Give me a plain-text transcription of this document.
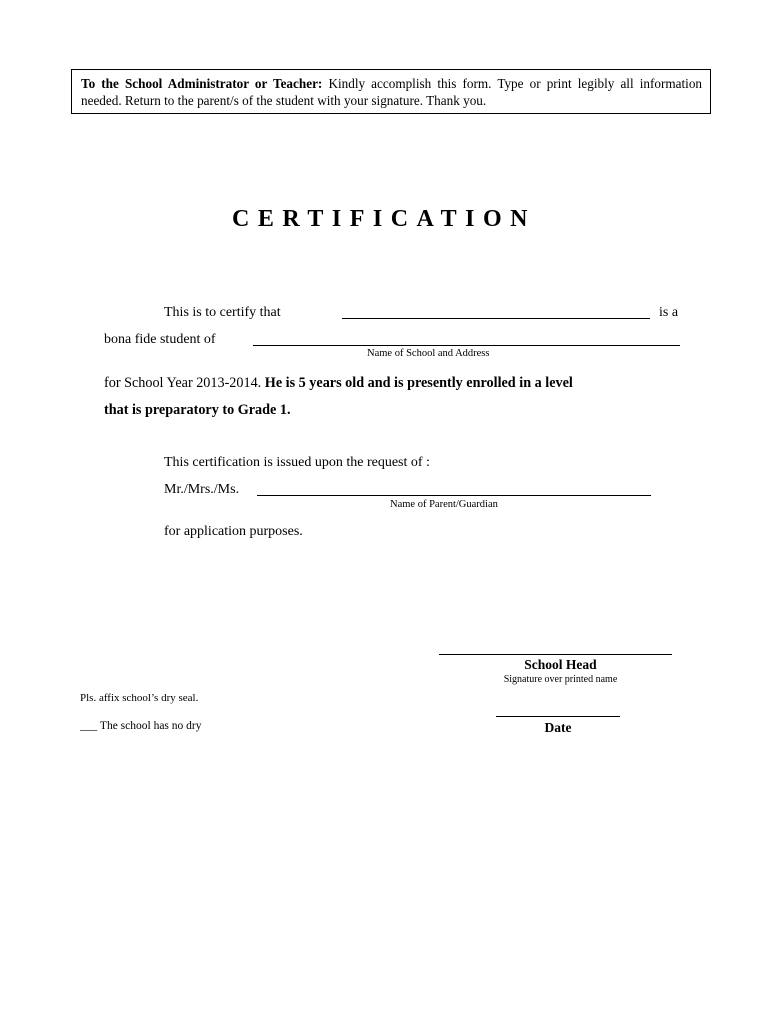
To the School Administrator or Teacher: Kindly accomplish this form. Type or print legibly all information needed. Return to the parent/s of the student with your signature. Thank you.
CERTIFICATION
This is to certify that	is a
bona fide student of
Name of School and Address
for School Year 2013-2014. He is 5 years old and is presently enrolled in a level
that is preparatory to Grade 1.
This certification is issued upon the request of :
Mr./Mrs./Ms.
Name of Parent/Guardian
for application purposes.
School Head
Signature over printed name
Date
Pls. affix school’s dry seal.
___ The school has no dry
